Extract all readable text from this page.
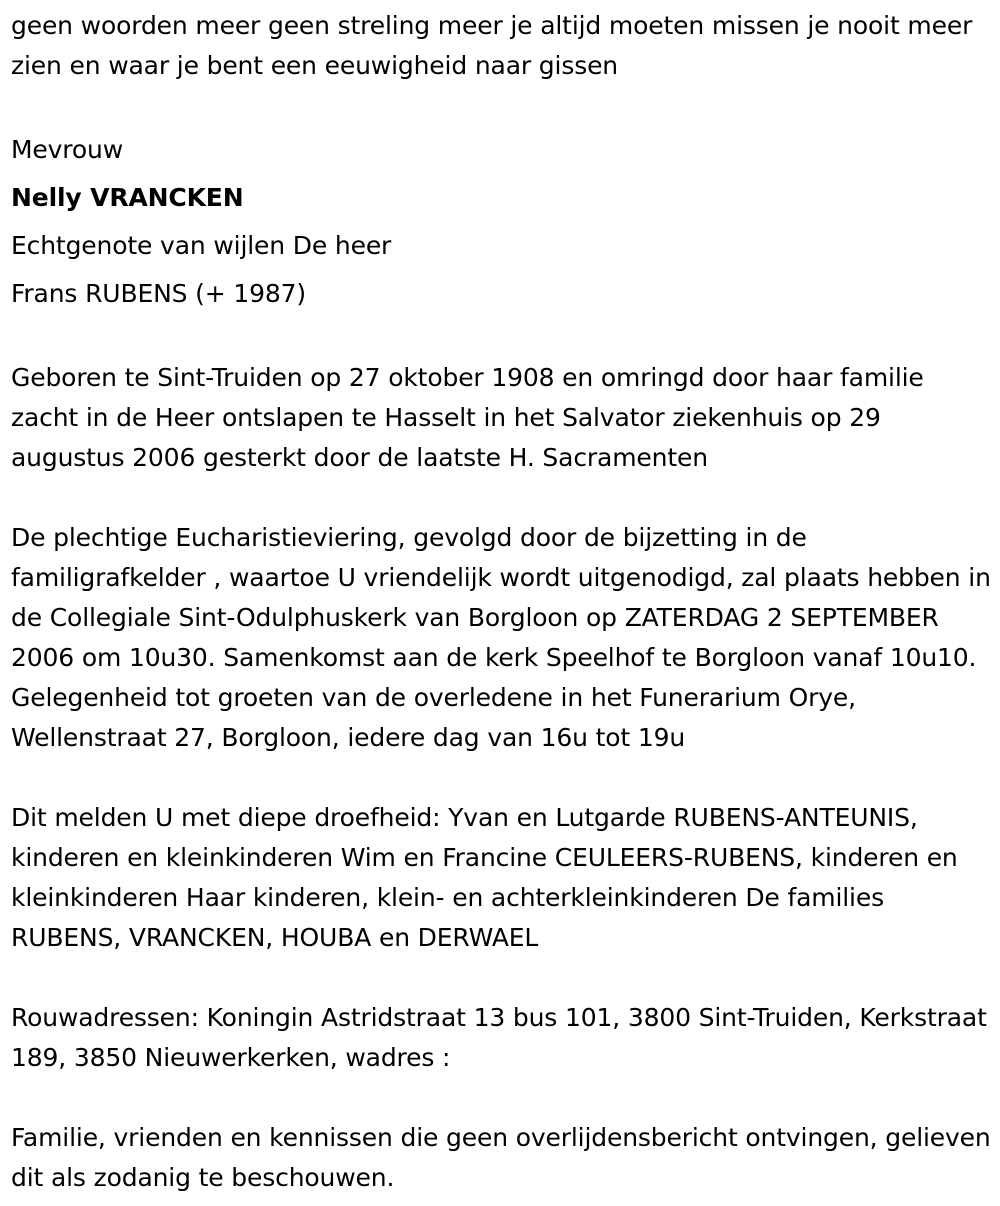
geen woorden meer geen streling meer je altijd moeten missen je nooit meer zien en waar je bent een eeuwigheid naar gissen

Mevrouw

Nelly VRANCKEN

Echtgenote van wijlen De heer

Frans RUBENS (+ 1987)

Geboren te Sint-Truiden op 27 oktober 1908 en omringd door haar familie zacht in de Heer ontslapen te Hasselt in het Salvator ziekenhuis op 29 augustus 2006 gesterkt door de laatste H. Sacramenten

De plechtige Eucharistieviering, gevolgd door de bijzetting in de familigrafkelder , waartoe U vriendelijk wordt uitgenodigd, zal plaats hebben in de Collegiale Sint-Odulphuskerk van Borgloon op ZATERDAG 2 SEPTEMBER 2006 om 10u30. Samenkomst aan de kerk Speelhof te Borgloon vanaf 10u10. Gelegenheid tot groeten van de overledene in het Funerarium Orye, Wellenstraat 27, Borgloon, iedere dag van 16u tot 19u

Dit melden U met diepe droefheid: Yvan en Lutgarde RUBENS-ANTEUNIS, kinderen en kleinkinderen Wim en Francine CEULEERS-RUBENS, kinderen en kleinkinderen Haar kinderen, klein- en achterkleinkinderen De families RUBENS, VRANCKEN, HOUBA en DERWAEL

Rouwadressen: Koningin Astridstraat 13 bus 101, 3800 Sint-Truiden, Kerkstraat 189, 3850 Nieuwerkerken, wadres :

Familie, vrienden en kennissen die geen overlijdensbericht ontvingen, gelieven dit als zodanig te beschouwen.
